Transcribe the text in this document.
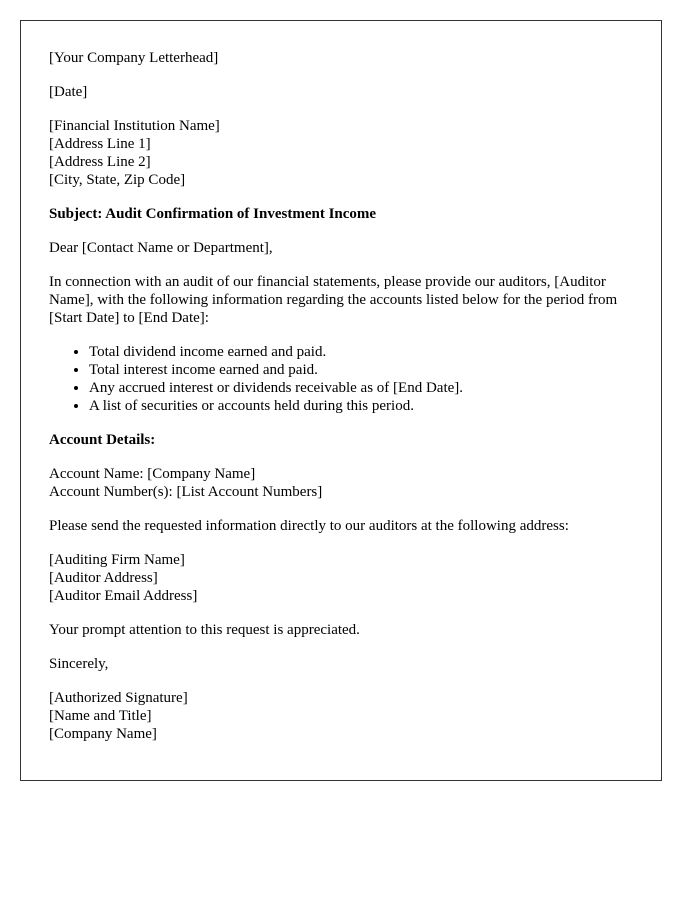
[Your Company Letterhead]

[Date]

[Financial Institution Name]
[Address Line 1]
[Address Line 2]
[City, State, Zip Code]

Subject: Audit Confirmation of Investment Income

Dear [Contact Name or Department],

In connection with an audit of our financial statements, please provide our auditors, [Auditor Name], with the following information regarding the accounts listed below for the period from [Start Date] to [End Date]:

• Total dividend income earned and paid.
• Total interest income earned and paid.
• Any accrued interest or dividends receivable as of [End Date].
• A list of securities or accounts held during this period.

Account Details:

Account Name: [Company Name]
Account Number(s): [List Account Numbers]

Please send the requested information directly to our auditors at the following address:

[Auditing Firm Name]
[Auditor Address]
[Auditor Email Address]

Your prompt attention to this request is appreciated.

Sincerely,

[Authorized Signature]
[Name and Title]
[Company Name]
